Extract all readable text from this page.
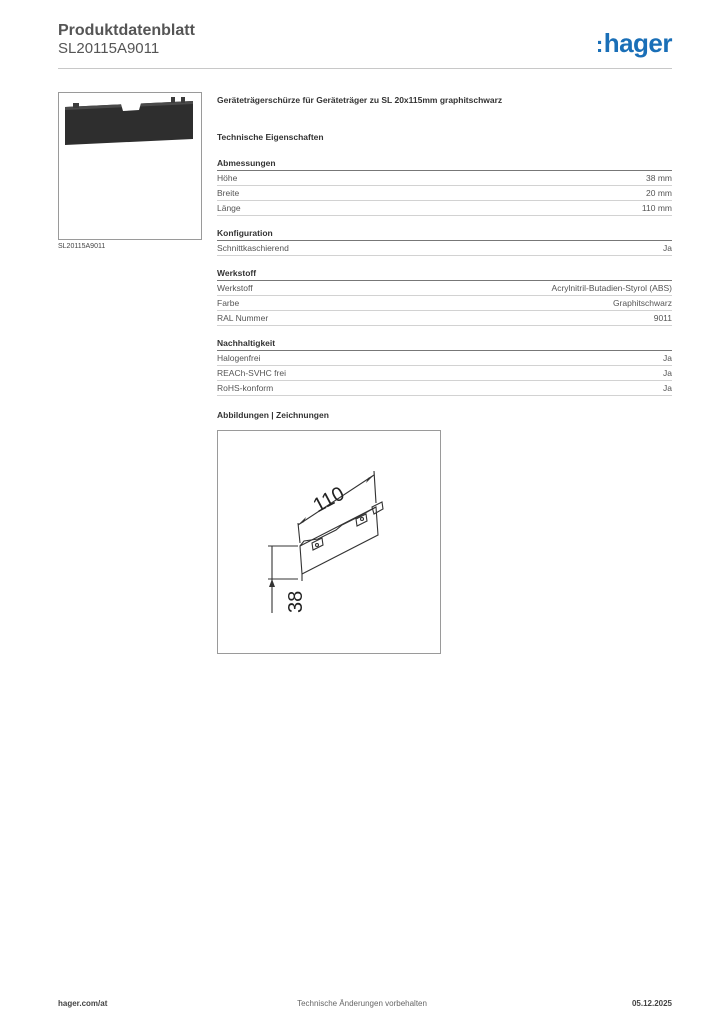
Produktdatenblatt
SL20115A9011	:hager
SL20115A9011
Geräteträgerschürze für Geräteträger zu SL 20x115mm graphitschwarz
Technische Eigenschaften
Abmessungen
Höhe	38 mm
Breite	20 mm
Länge	110 mm
Konfiguration
Schnittkaschierend	Ja
Werkstoff
Werkstoff	Acrylnitril-Butadien-Styrol (ABS)
Farbe	Graphitschwarz
RAL Nummer	9011
Nachhaltigkeit
Halogenfrei	Ja
REACh-SVHC frei	Ja
RoHS-konform	Ja
Abbildungen | Zeichnungen
110
38
hager.com/at	Technische Änderungen vorbehalten	05.12.2025
